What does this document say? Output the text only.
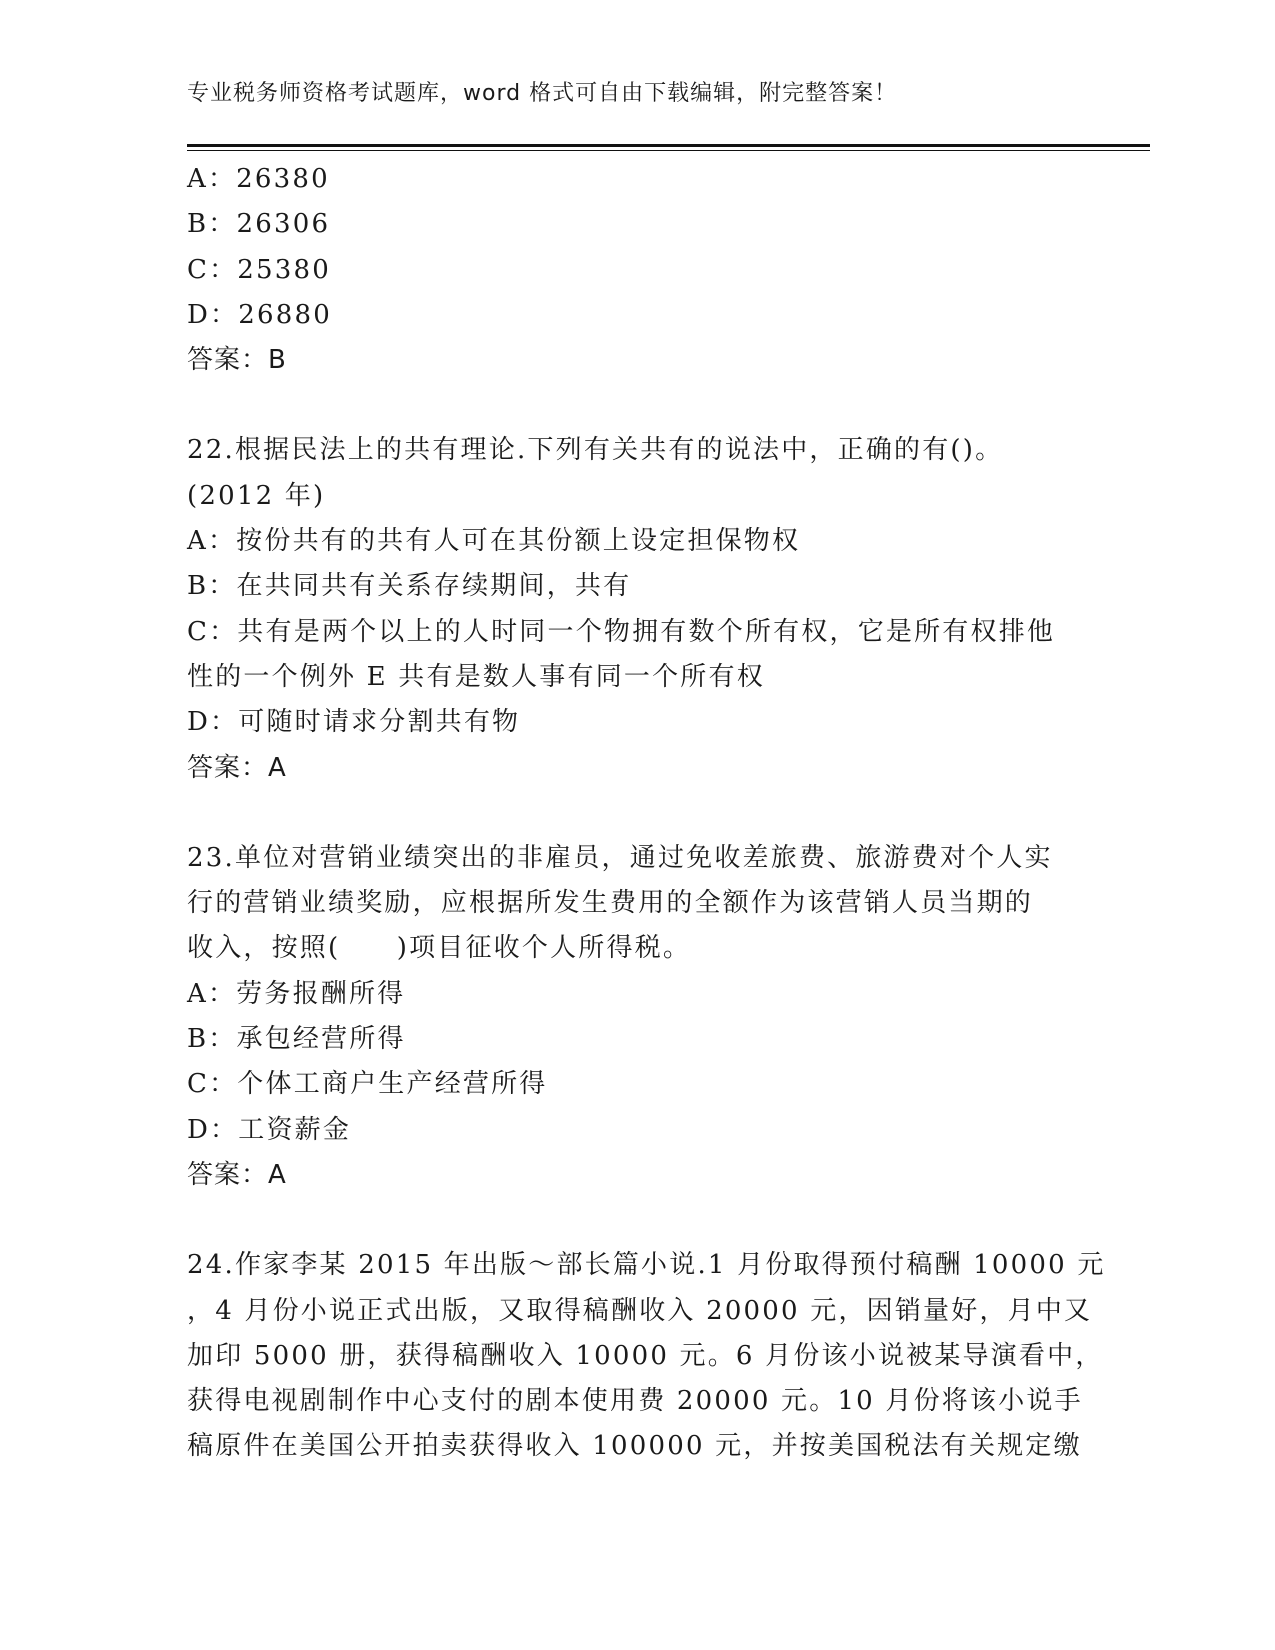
专业税务师资格考试题库，word 格式可自由下载编辑，附完整答案！

A：26380

B：26306

C：25380

D：26880

答案：B

22.根据民法上的共有理论.下列有关共有的说法中，正确的有()。

(2012 年)

A：按份共有的共有人可在其份额上设定担保物权

B：在共同共有关系存续期间，共有

C：共有是两个以上的人时同一个物拥有数个所有权，它是所有权排他

性的一个例外 E 共有是数人事有同一个所有权

D：可随时请求分割共有物

答案：A

23.单位对营销业绩突出的非雇员，通过免收差旅费、旅游费对个人实

行的营销业绩奖励，应根据所发生费用的全额作为该营销人员当期的

收入，按照(　　)项目征收个人所得税。

A：劳务报酬所得

B：承包经营所得

C：个体工商户生产经营所得

D：工资薪金

答案：A

24.作家李某 2015 年出版～部长篇小说.1 月份取得预付稿酬 10000 元

，4 月份小说正式出版，又取得稿酬收入 20000 元，因销量好，月中又

加印 5000 册，获得稿酬收入 10000 元。6 月份该小说被某导演看中，

获得电视剧制作中心支付的剧本使用费 20000 元。10 月份将该小说手

稿原件在美国公开拍卖获得收入 100000 元，并按美国税法有关规定缴
